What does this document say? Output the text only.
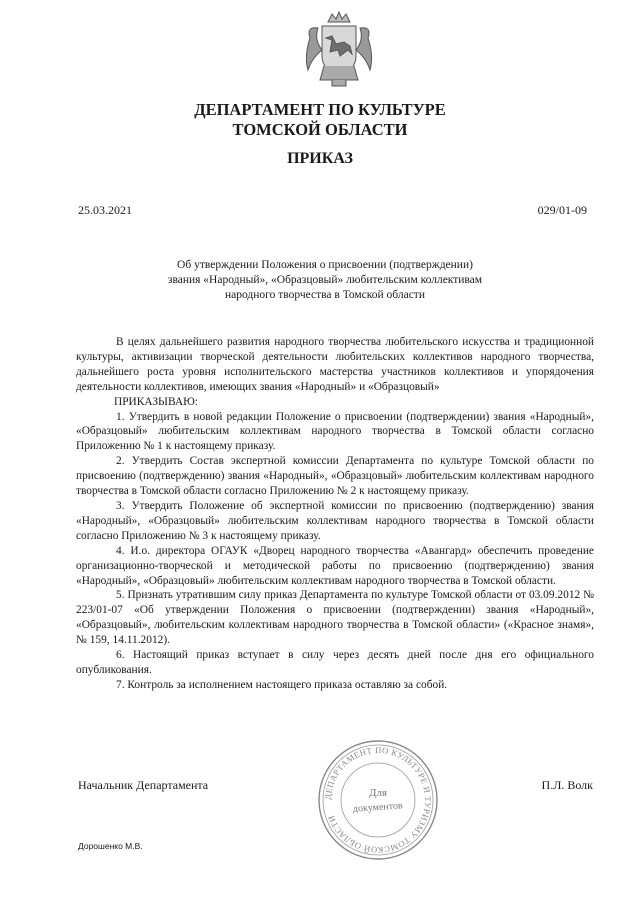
ДЕПАРТАМЕНТ ПО КУЛЬТУРЕ
ТОМСКОЙ ОБЛАСТИ
ПРИКАЗ
25.03.2021	029/01-09
Об утверждении Положения о присвоении (подтверждении)
звания «Народный», «Образцовый» любительским коллективам
народного творчества в Томской области

В целях дальнейшего развития народного творчества любительского искусства и традиционной культуры, активизации творческой деятельности любительских коллективов народного творчества, дальнейшего роста уровня исполнительского мастерства участников коллективов и упорядочения деятельности коллективов, имеющих звания «Народный» и «Образцовый»

ПРИКАЗЫВАЮ:

1. Утвердить в новой редакции Положение о присвоении (подтверждении) звания «Народный», «Образцовый» любительским коллективам народного творчества в Томской области согласно Приложению № 1 к настоящему приказу.

2. Утвердить Состав экспертной комиссии Департамента по культуре Томской области по присвоению (подтверждению) звания «Народный», «Образцовый» любительским коллективам народного творчества в Томской области согласно Приложению № 2 к настоящему приказу.

3. Утвердить Положение об экспертной комиссии по присвоению (подтверждению) звания «Народный», «Образцовый» любительским коллективам народного творчества в Томской области согласно Приложению № 3 к настоящему приказу.

4. И.о. директора ОГАУК «Дворец народного творчества «Авангард» обеспечить проведение организационно-творческой и методической работы по присвоению (подтверждению) звания «Народный», «Образцовый» любительским коллективам народного творчества в Томской области.

5. Признать утратившим силу приказ Департамента по культуре Томской области от 03.09.2012 № 223/01-07 «Об утверждении Положения о присвоении (подтверждении) звания «Народный», «Образцовый», любительским коллективам народного творчества в Томской области» («Красное знамя», № 159, 14.11.2012).

6. Настоящий приказ вступает в силу через десять дней после дня его официального опубликования.

7. Контроль за исполнением настоящего приказа оставляю за собой.

Начальник Департамента	П.Л. Волк
ДЕПАРТАМЕНТ ПО КУЛЬТУРЕ И ТУРИЗМУ ТОМСКОЙ ОБЛАСТИ
Для
документов
Дорошенко М.В.
